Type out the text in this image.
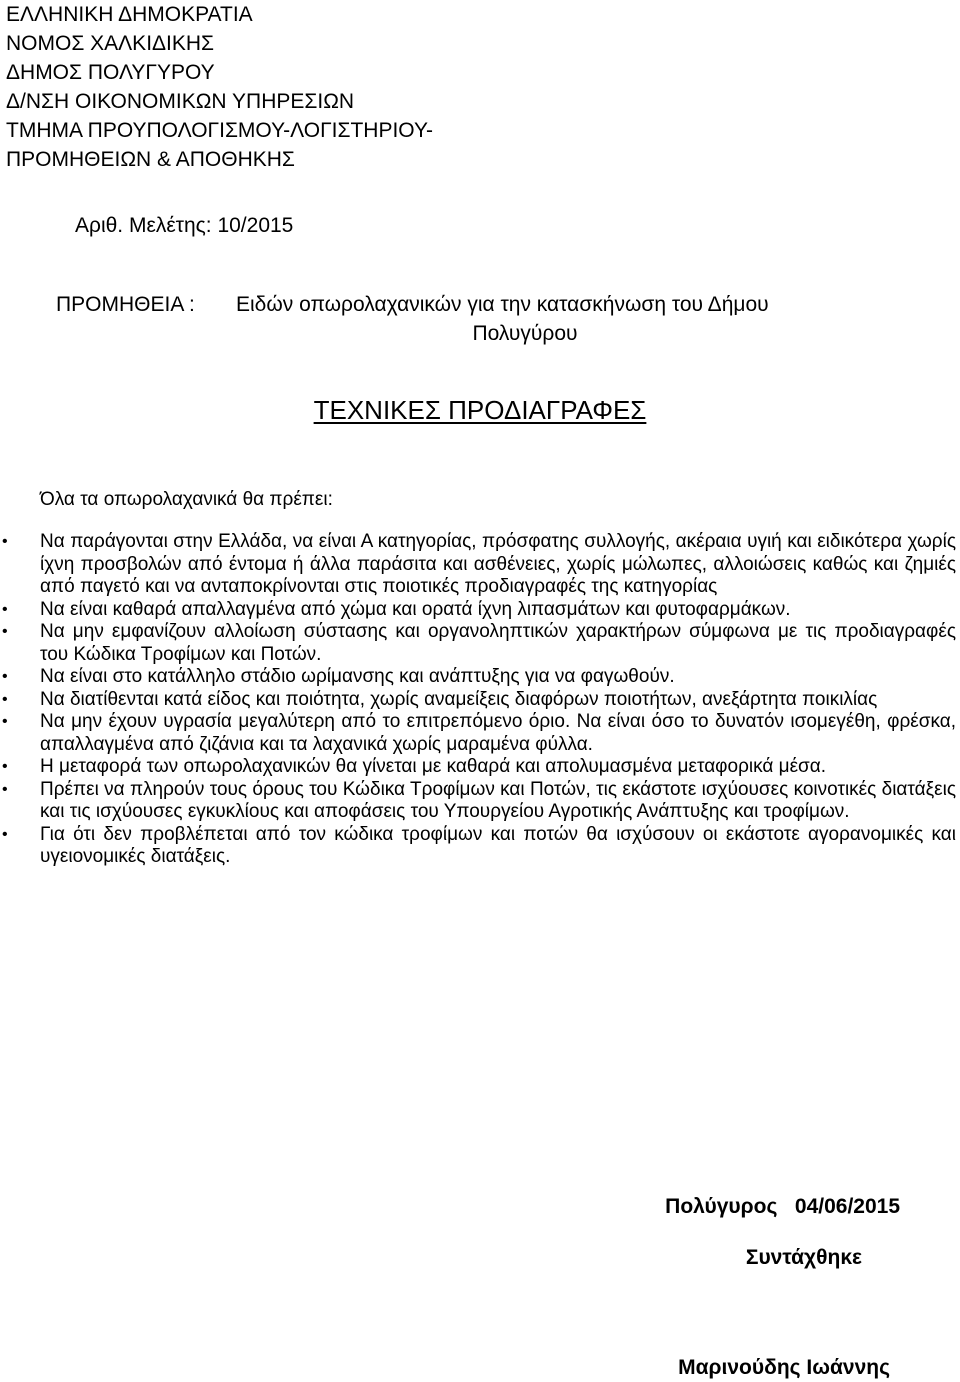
ΕΛΛΗΝΙΚΗ ΔΗΜΟΚΡΑΤΙΑ
ΝΟΜΟΣ ΧΑΛΚΙΔΙΚΗΣ
ΔΗΜΟΣ ΠΟΛΥΓΥΡΟΥ
Δ/ΝΣΗ ΟΙΚΟΝΟΜΙΚΩΝ ΥΠΗΡΕΣΙΩΝ
ΤΜΗΜΑ ΠΡΟΥΠΟΛΟΓΙΣΜΟΥ-ΛΟΓΙΣΤΗΡΙΟΥ-
ΠΡΟΜΗΘΕΙΩΝ & ΑΠΟΘΗΚΗΣ
Αριθ. Μελέτης: 10/2015
ΠΡΟΜΗΘΕΙΑ :	Ειδών οπωρολαχανικών για την κατασκήνωση του Δήμου
Πολυγύρου
ΤΕΧΝΙΚΕΣ ΠΡΟΔΙΑΓΡΑΦΕΣ
Όλα τα οπωρολαχανικά θα πρέπει:
• Να παράγονται στην Ελλάδα, να είναι Α κατηγορίας, πρόσφατης συλλογής, ακέραια υγιή και ειδικότερα χωρίς ίχνη προσβολών από έντομα ή άλλα παράσιτα και ασθένειες, χωρίς μώλωπες, αλλοιώσεις καθώς και ζημιές από παγετό και να ανταποκρίνονται στις ποιοτικές προδιαγραφές της κατηγορίας
• Να είναι καθαρά απαλλαγμένα από χώμα και ορατά ίχνη λιπασμάτων και φυτοφαρμάκων.
• Να μην εμφανίζουν αλλοίωση σύστασης και οργανοληπτικών χαρακτήρων σύμφωνα με τις προδιαγραφές του Κώδικα Τροφίμων και Ποτών.
• Να είναι στο κατάλληλο στάδιο ωρίμανσης και ανάπτυξης για να φαγωθούν.
• Να διατίθενται κατά είδος και ποιότητα, χωρίς αναμείξεις διαφόρων ποιοτήτων, ανεξάρτητα ποικιλίας
• Να μην έχουν υγρασία μεγαλύτερη από το επιτρεπόμενο όριο. Να είναι όσο το δυνατόν ισομεγέθη, φρέσκα, απαλλαγμένα από ζιζάνια και τα λαχανικά χωρίς μαραμένα φύλλα.
• Η μεταφορά των οπωρολαχανικών θα γίνεται με καθαρά και απολυμασμένα μεταφορικά μέσα.
• Πρέπει να πληρούν τους όρους του Κώδικα Τροφίμων και Ποτών, τις εκάστοτε ισχύουσες κοινοτικές διατάξεις και τις ισχύουσες εγκυκλίους και αποφάσεις του Υπουργείου Αγροτικής Ανάπτυξης και τροφίμων.
• Για ότι δεν προβλέπεται από τον κώδικα τροφίμων και ποτών θα ισχύσουν οι εκάστοτε αγορανομικές και υγειονομικές διατάξεις.
Πολύγυρος   04/06/2015
Συντάχθηκε
Μαρινούδης Ιωάννης
